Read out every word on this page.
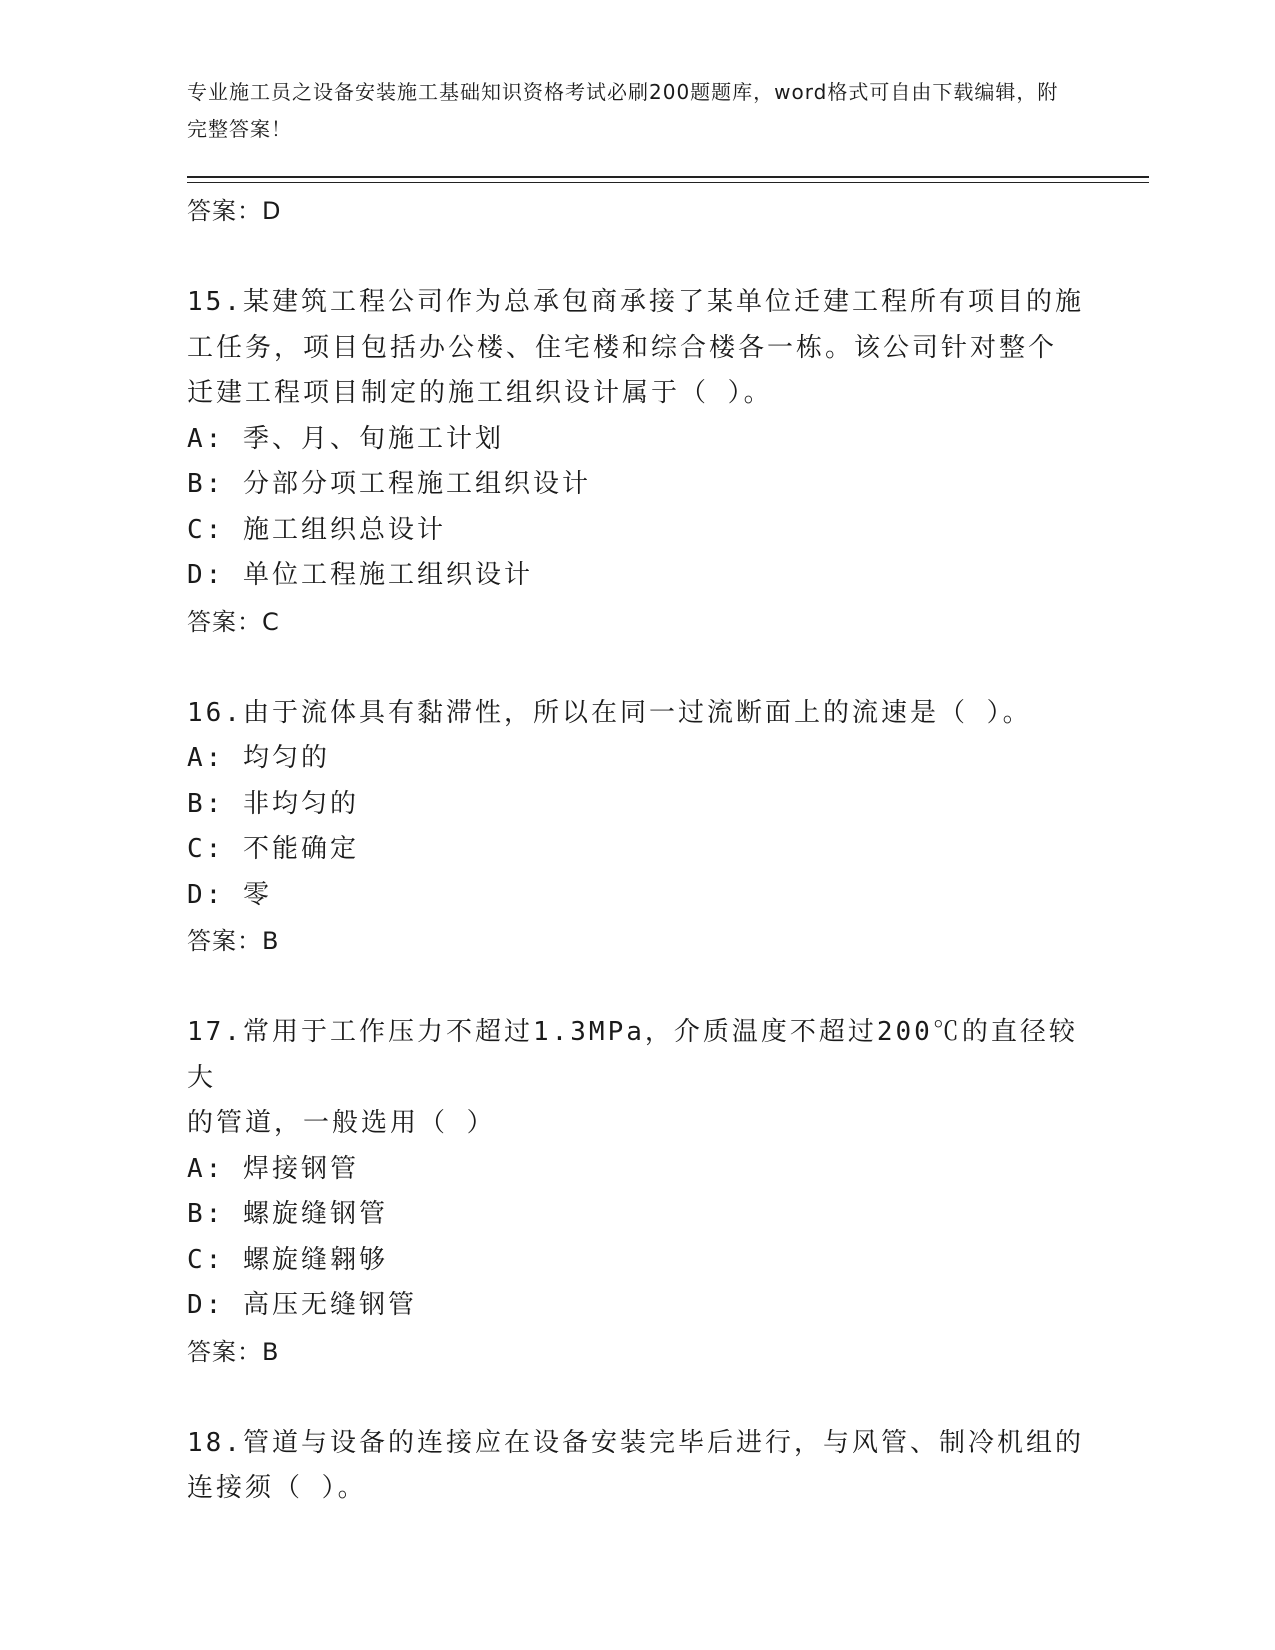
专业施工员之设备安装施工基础知识资格考试必刷200题题库，word格式可自由下载编辑，附完整答案！
答案：D
15.某建筑工程公司作为总承包商承接了某单位迁建工程所有项目的施
工任务，项目包括办公楼、住宅楼和综合楼各一栋。该公司针对整个
迁建工程项目制定的施工组织设计属于（ ）。
A: 季、月、旬施工计划
B: 分部分项工程施工组织设计
C: 施工组织总设计
D: 单位工程施工组织设计
答案：C
16.由于流体具有黏滞性，所以在同一过流断面上的流速是（ ）。
A: 均匀的
B: 非均匀的
C: 不能确定
D: 零
答案：B
17.常用于工作压力不超过1.3MPa，介质温度不超过200℃的直径较大
的管道，一般选用（ ）
A: 焊接钢管
B: 螺旋缝钢管
C: 螺旋缝翱够
D: 高压无缝钢管
答案：B
18.管道与设备的连接应在设备安装完毕后进行，与风管、制冷机组的
连接须（ ）。
